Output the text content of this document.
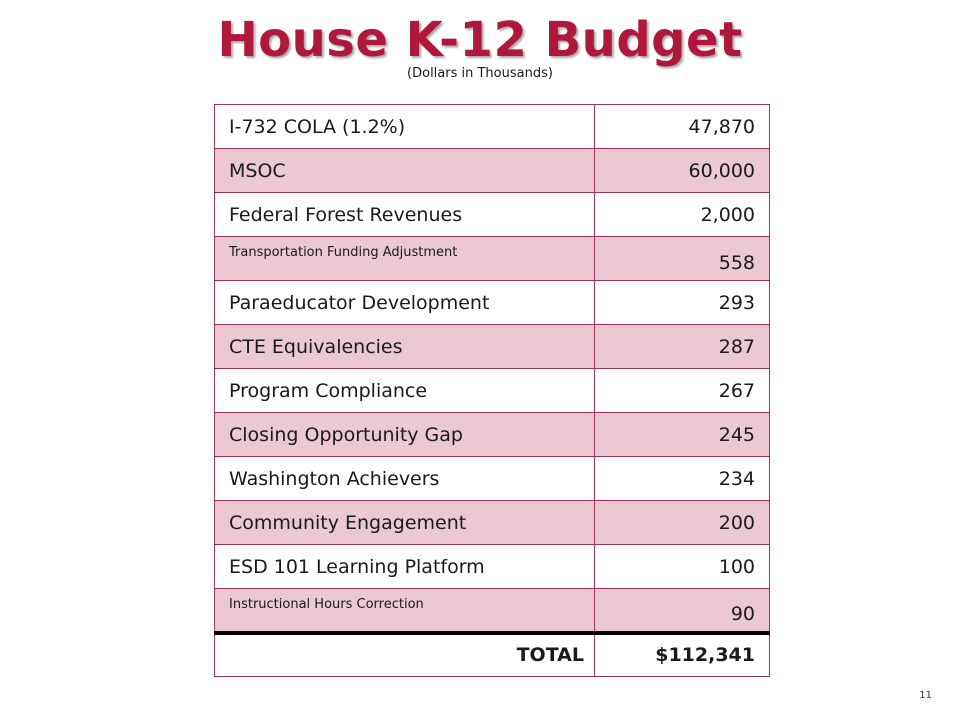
House K-12 Budget
(Dollars in Thousands)
I-732 COLA (1.2%)	47,870
MSOC	60,000
Federal Forest Revenues	2,000
Transportation Funding Adjustment	558
Paraeducator Development	293
CTE Equivalencies	287
Program Compliance	267
Closing Opportunity Gap	245
Washington Achievers	234
Community Engagement	200
ESD 101 Learning Platform	100
Instructional Hours Correction	90
TOTAL	$112,341
11
